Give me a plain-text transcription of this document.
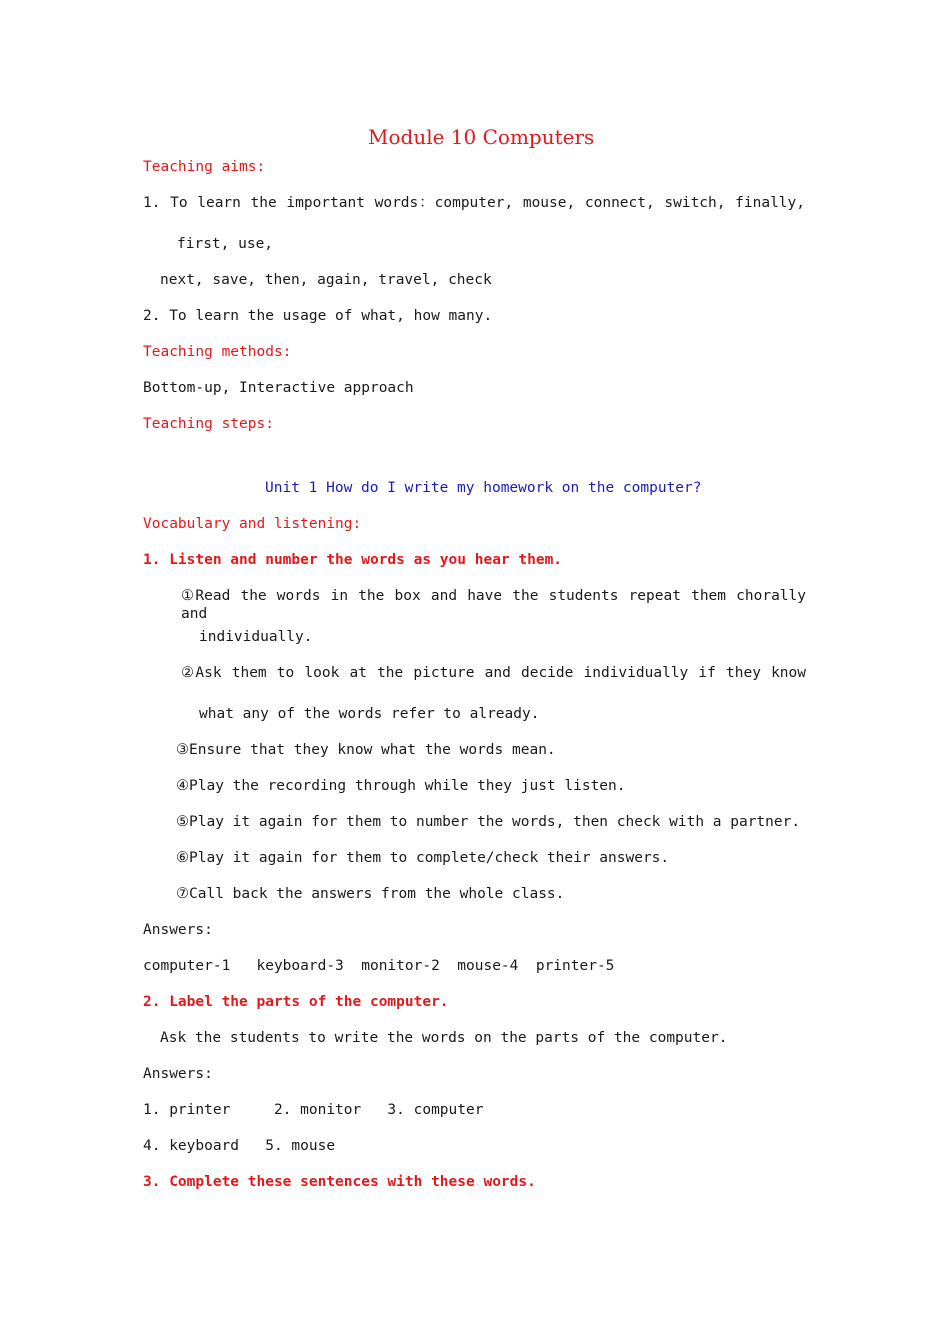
Module 10 Computers
Teaching aims:
1. To learn the important words：computer, mouse, connect, switch, finally,
first, use,
next, save, then, again, travel, check
2. To learn the usage of what, how many.
Teaching methods:
Bottom-up, Interactive approach
Teaching steps:
Unit 1 How do I write my homework on the computer?
Vocabulary and listening:
1. Listen and number the words as you hear them.
①Read the words in the box and have the students repeat them chorally and
individually.
②Ask them to look at the picture and decide individually if they know
what any of the words refer to already.
③Ensure that they know what the words mean.
④Play the recording through while they just listen.
⑤Play it again for them to number the words, then check with a partner.
⑥Play it again for them to complete/check their answers.
⑦Call back the answers from the whole class.
Answers:
computer-1   keyboard-3  monitor-2  mouse-4  printer-5
2. Label the parts of the computer.
Ask the students to write the words on the parts of the computer.
Answers:
1. printer     2. monitor   3. computer
4. keyboard   5. mouse
3. Complete these sentences with these words.
